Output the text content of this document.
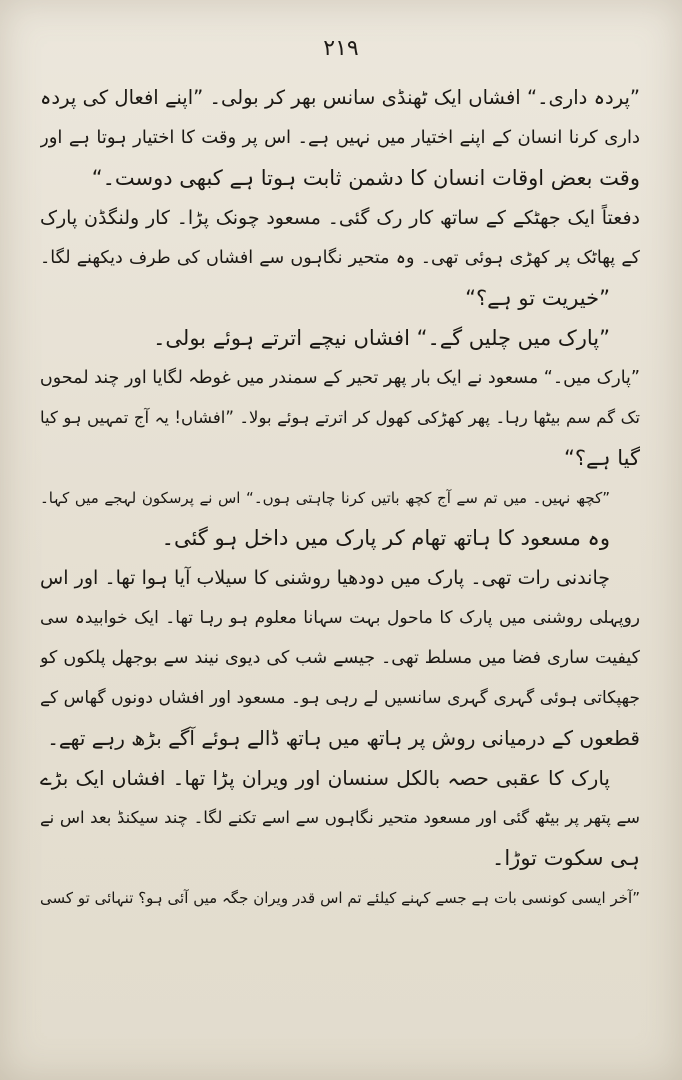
۲۱۹
”پردہ داری۔“ افشاں ایک ٹھنڈی سانس بھر کر بولی۔ ”اپنے افعال کی پردہ
داری کرنا انسان کے اپنے اختیار میں نہیں ہے۔ اس پر وقت کا اختیار ہوتا ہے اور
وقت بعض اوقات انسان کا دشمن ثابت ہوتا ہے کبھی دوست۔“
دفعتاً ایک جھٹکے کے ساتھ کار رک گئی۔ مسعود چونک پڑا۔ کار ولنگڈن پارک
کے پھاٹک پر کھڑی ہوئی تھی۔ وہ متحیر نگاہوں سے افشاں کی طرف دیکھنے لگا۔
”خیریت تو ہے؟“
”پارک میں چلیں گے۔“ افشاں نیچے اترتے ہوئے بولی۔
”پارک میں۔“ مسعود نے ایک بار پھر تحیر کے سمندر میں غوطہ لگایا اور چند لمحوں
تک گم سم بیٹھا رہا۔ پھر کھڑکی کھول کر اترتے ہوئے بولا۔ ”افشاں! یہ آج تمہیں ہو کیا
گیا ہے؟“
”کچھ نہیں۔ میں تم سے آج کچھ باتیں کرنا چاہتی ہوں۔“ اس نے پرسکون لہجے میں کہا۔
وہ مسعود کا ہاتھ تھام کر پارک میں داخل ہو گئی۔
چاندنی رات تھی۔ پارک میں دودھیا روشنی کا سیلاب آیا ہوا تھا۔ اور اس
روپہلی روشنی میں پارک کا ماحول بہت سہانا معلوم ہو رہا تھا۔ ایک خوابیدہ سی
کیفیت ساری فضا میں مسلط تھی۔ جیسے شب کی دیوی نیند سے بوجھل پلکوں کو
جھپکاتی ہوئی گہری گہری سانسیں لے رہی ہو۔ مسعود اور افشاں دونوں گھاس کے
قطعوں کے درمیانی روش پر ہاتھ میں ہاتھ ڈالے ہوئے آگے بڑھ رہے تھے۔
پارک کا عقبی حصہ بالکل سنسان اور ویران پڑا تھا۔ افشاں ایک بڑے
سے پتھر پر بیٹھ گئی اور مسعود متحیر نگاہوں سے اسے تکنے لگا۔ چند سیکنڈ بعد اس نے
ہی سکوت توڑا۔
”آخر ایسی کونسی بات ہے جسے کہنے کیلئے تم اس قدر ویران جگہ میں آئی ہو؟ تنہائی تو کسی
